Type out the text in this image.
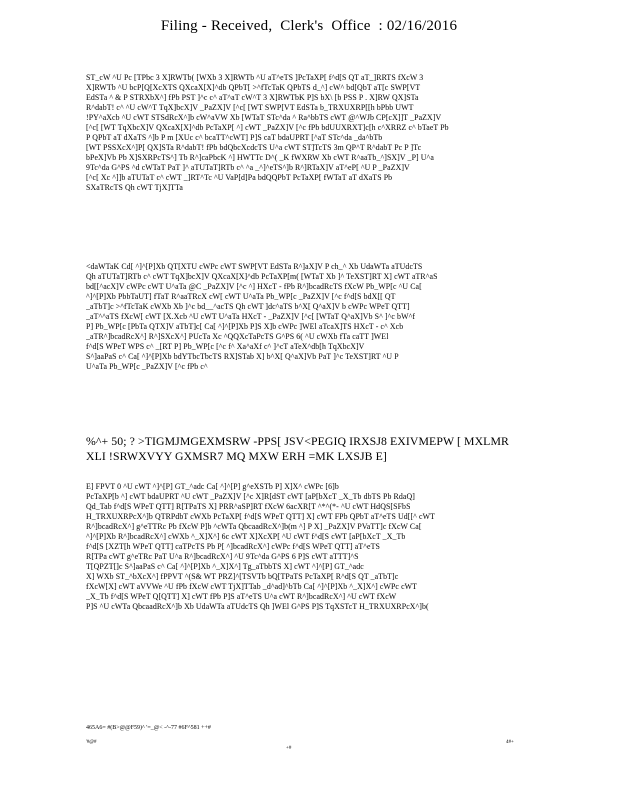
Filing - Received,  Clerk's  Office  : 02/16/2016
ST_cW ^U Pc [TPbc 3 X]RWTb( [WXb 3 X]RWTb ^U aT^eTS ]PcTaXP[ f^d[S QT aT_]RRTS fXcW 3
X]RWTb ^U bcP[Q[XcXTS QXcaX[X]^db QPbT[ >^fTcTaK QPbTS d_^] cW^ bd[QbT aT[c SWP[VT
EdSTa ^ & P STRXbX^] fPb PST ]^c c^ aT^aT cW^T 3 X]RWTbK P]S bX\ [b PSS P . X]RW QX]STa
R^dabT! c^ ^U cW^T TqX]bcX]V _PaZX]V [^c[ [WT SWP[VT EdSTa b_TRXUXRP[[h bPbb UWT
!PY^aXcb ^U cWT STSdRcX^]b cW^aVW Xb [WTaT STc^da ^ Ra^bbTS cWT @^WJb CP[cX]]T _PaZX]V
[^c[ [WT TqXbcX]V QXcaX[X]^db PcTaXP[ ^] cWT _PaZX]V [^c fPb bdUUXRXT]c[h c^XRRZ c^ bTaeT Pb
P QPbT aT dXaTS ^]b P m [XUc c^ bcaTT^cWT] P]S caT bdaUPRT [^aT STc^da _da^bTb
[WT PSSXcX^]P[ QX]STa R^dabT! fPb bdQbcXcdcTS U^a cWT ST]TcTS 3m QP^T R^dabT Pc P ]Tc
bPeX]Vb Pb X]SXRPcTS^] Tb R^]caPbcK ^] HWTTc D^( _K fWXRW Xb cWT R^aaTb_^]SX]V _P] U^a
9Tc^da G^PS ^d cWTaT PaT ]^ aTUTaT]RTb c^ ^a _^]^eTS^]b R^]RTaX]V aT^eP[ ^U P _PaZX]V
[^c[ Xc ^]]b aTUTaT c^ cWT _]RT^Tc ^U VaP[d]Pa bdQQPbT PcTaXP[ fWTaT aT dXaTS Pb
SXaTRcTS Qh cWT TjX]TTa
<daWTaK Cd[ ^]^[P]Xb QT[XTU cWPc cWT SWP[VT EdSTa R^]aX]V P ch_^ Xb UdaWTa aTUdcTS
Qh aTUTaT]RTb c^ cWT TqX]bcX]V QXcaX[X]^db PcTaXP[m( [WTaT Xb ]^ TeXST]RT X] cWT aTR^aS
bd[[^acX]V cWPc cWT U^aTa @C _PaZX]V [^c ^] HXcT - fPb R^]bcadRcTS fXcW Pb_WP[c ^U Ca[
^]^[P]Xb PbbTaUT] fTaT R^aaTRcX cW[ cWT U^aTa Pb_WP[c _PaZX]V [^c f^d[S bdX[[ QT
_aTbT]c >^fTcTaK cWXb Xb ]^c bd__^acTS Qh cWT ]dc^aTS b^X[ Q^aX]V b cWPc WPeT QTT]
_aT^^aTS fXcW[ cWT [X.Xcb ^U cWT U^aTa HXcT - _PaZX]V [^c[ [WTaT Q^aX]Vb S^ ]^c bW^f
P] Pb_WP[c [PbTa QTX]V aTbT]c[ Ca[ ^]^[P]Xb P]S X]b cWPc ]WEl aTcaX]TS HXcT - c^ Xcb
_aTR^]bcadRcX^] R^]SXcX^] PUcTa Xc ^QQXcTaPcTS G^PS 6( ^U cWXb fTa caTT ]WEl
f^d[S WPeT WPS c^ _[RT P] Pb_WP[c [^c f^ Xa^aXf c^ ]^cT aTeX^db[h TqXbcX]V
S^]aaPaS c^ Ca[ ^]^[P]Xb bdYTbcTbcTS RX]STab X] b^X[ Q^aX]Vb PaT ]^c TeXST]RT ^U P
U^aTa Pb_WP[c _PaZX]V [^c fPb c^
%^+ 50; ? >TIGMJMGEXMSRW -PPS[ JSV<PEGIQ IRXSJ8 EXIVMEPW [ MXLMR
XLI !SRWXVYY GXMSR7 MQ MXW ERH =MK LXSJB E]
E] FPVT 0 ^U cWT ^]^[P] GT_^adc Ca[ ^]^[P] g^eXSTb P] X]X^ cWPc [6]b
PcTaXP[b ^] cWT bdaUPRT ^U cWT _PaZX]V [^c X]R[dST cWT [aP[bXcT _X_Tb dbTS Pb RdaQ]
Qd_Tab f^d[S WPeT QTT] R[TPaTS X] PRR^aSP]RT fXcW 6acXR[T ^*^(*- ^U cWT HdQS[SFbS
H_TRXUXRPcX^]b QTRPdbT cWXb PcTaXP[ f^d[S WPeT QTT] X] cWT FPb QPbT aT^eTS Ud[[^ cWT
R^]bcadRcX^] g^eTTRc Pb fXcW P]b ^cWTa QbcaadRcX^]b(m ^] P X] _PaZX]V PVaTT]c fXcW Ca[
^]^[P]Xb R^]bcadRcX^] cWXb ^_X]X^] 6c cWT X]XcXP[ ^U cWT f^d[S cWT [aP[bXcT _X_Tb
f^d[S [XZT[h WPeT QTT] caTPcTS Pb P[ ^]bcadRcX^] cWPc f^d[S WPeT QTT] aT^eTS
R[TPa cWT g^eTRc PaT U^a R^]bcadRcX^] ^U 9Tc^da G^PS 6 P]S cWT aTTT]^S
T[QPZT[]c S^]aaPaS c^ Ca[ ^]^[P]Xb ^_X]X^] Tg_aTbbTS X] cWT ^]^[P] GT_^adc
X] WXb ST_^bXcX^] fPPVT ^(S& WT PRZ]^[TSVTb bQ[TPaTS PcTaXP[ R^d[S QT _aTbT]c
fXcW[X] cWT aVVWe ^U fPb fXcW cWT TjX]TTab _d^ad]^bTb Ca[ ^]^[P]Xb ^_X]X^] cWPc cWT
_X_Tb f^d[S WPeT Q[QTT] X] cWT fPb P]S aT^eTS U^a cWT R^]bcadRcX^] ^U cWT fXcW
P]S ^U cWTa QbcaadRcX^]b Xb UdaWTa aTUdcTS Qh ]WEl G^PS P]S TqXSTcT H_TRXUXRPcX^]b(
465A6= #(B>@@F59)^ '=_@< -^-77 #6F^581 ++#
'#@#
+#
4#+
